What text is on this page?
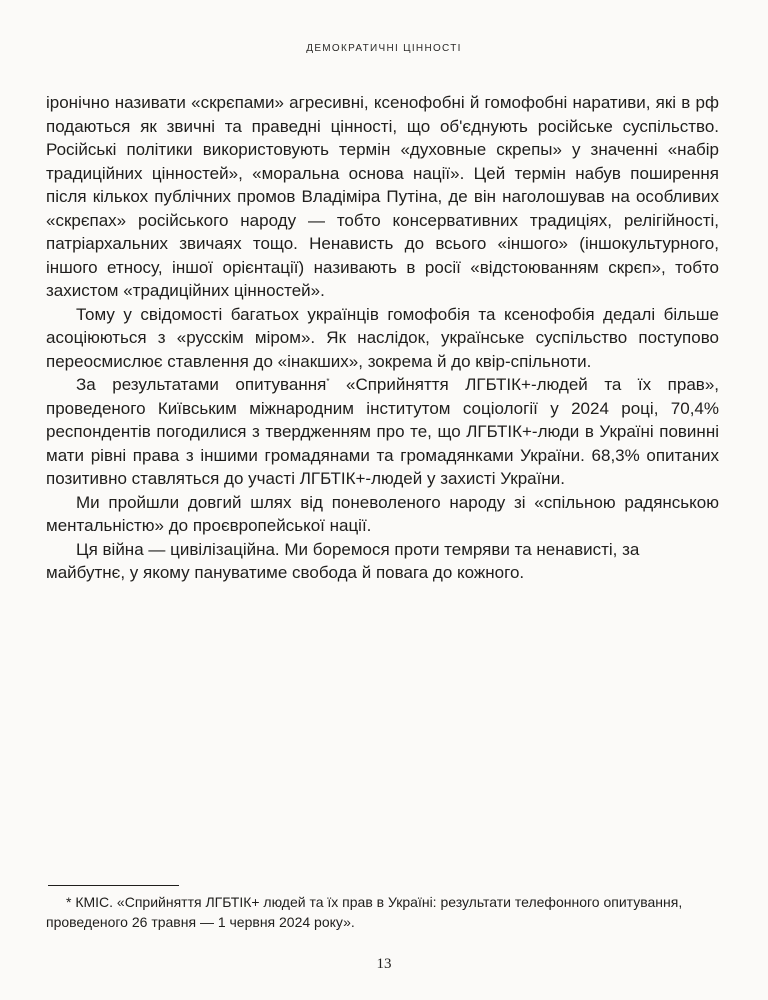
ДЕМОКРАТИЧНІ ЦІННОСТІ

іронічно називати «скрєпами» агресивні, ксенофобні й гомофобні наративи, які в рф подаються як звичні та праведні цінності, що об'єднують російське суспільство. Російські політики використовують термін «духовные скрепы» у значенні «набір традиційних цінностей», «моральна основа нації». Цей термін набув поширення після кількох публічних промов Владіміра Путіна, де він наголошував на особливих «скрєпах» російського народу — тобто консервативних традиціях, релігійності, патріархальних звичаях тощо. Ненависть до всього «іншого» (іншокультурного, іншого етносу, іншої орієнтації) називають в росії «відстоюванням скрєп», тобто захистом «традиційних цінностей».

Тому у свідомості багатьох українців гомофобія та ксенофобія дедалі більше асоціюються з «русскім міром». Як наслідок, українське суспільство поступово переосмислює ставлення до «інакших», зокрема й до квір-спільноти.

За результатами опитування* «Сприйняття ЛГБТІК+-людей та їх прав», проведеного Київським міжнародним інститутом соціології у 2024 році, 70,4% респондентів погодилися з твердженням про те, що ЛГБТІК+-люди в Україні повинні мати рівні права з іншими громадянами та громадянками України. 68,3% опитаних позитивно ставляться до участі ЛГБТІК+-людей у захисті України.

Ми пройшли довгий шлях від поневоленого народу зі «спільною радянською ментальністю» до проєвропейської нації.

Ця війна — цивілізаційна. Ми боремося проти темряви та ненависті, за майбутнє, у якому пануватиме свобода й повага до кожного.

* КМІС. «Сприйняття ЛГБТІК+ людей та їх прав в Україні: результати телефонного опитування, проведеного 26 травня — 1 червня 2024 року».

13
